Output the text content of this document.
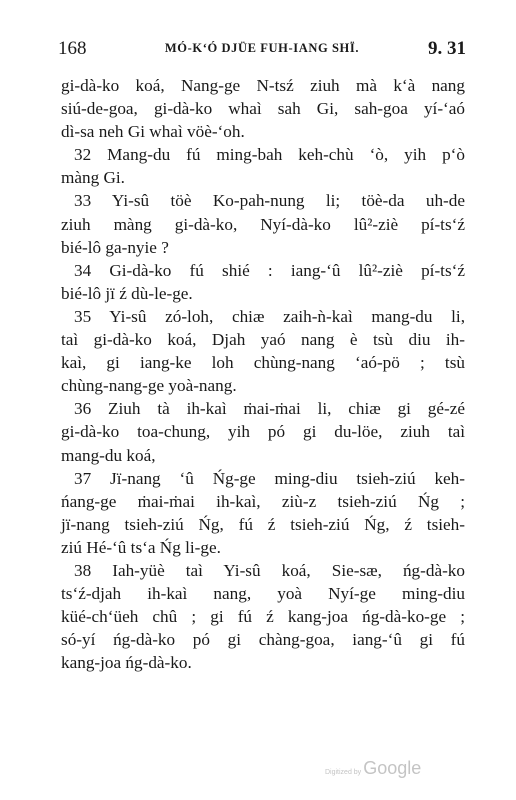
168	MÓ-K‘Ó DJÜE FUH-IANG SHÏ.	9. 31
gi-dà-ko koá, Nang-ge N-tsź ziuh mà k‘à nang
siú-de-goa, gi-dà-ko whaì sah Gi, sah-goa yí-‘aó
dì-sa neh Gi whaì vöè-‘oh.
32 Mang-du fú ming-bah keh-chù ‘ò, yih p‘ò
màng Gi.
33 Yi-sû töè Ko-pah-nung li; töè-da uh-de
ziuh màng gi-dà-ko, Nyí-dà-ko lû²-ziè pí-ts‘ź
bié-lô ga-nyie ?
34 Gi-dà-ko fú shié : iang-‘û lû²-ziè pí-ts‘ź
bié-lô jï ź dù-le-ge.
35 Yi-sû zó-loh, chiæ zaih-ǹ-kaì mang-du li,
taì gi-dà-ko koá, Djah yaó nang è tsù diu ih-
kaì, gi iang-ke loh chùng-nang ‘aó-pö ; tsù
chùng-nang-ge yoà-nang.
36 Ziuh tà ih-kaì ṁai-ṁai li, chiæ gi gé-zé
gi-dà-ko toa-chung, yih pó gi du-löe, ziuh taì
mang-du koá,
37 Jï-nang ‘û Ńg-ge ming-diu tsieh-ziú keh-
ńang-ge ṁai-ṁai ih-kaì, ziù-z tsieh-ziú Ńg ;
jï-nang tsieh-ziú Ńg, fú ź tsieh-ziú Ńg, ź tsieh-
ziú Hé-‘û ts‘a Ńg li-ge.
38 Iah-yüè taì Yi-sû koá, Sie-sæ, ńg-dà-ko
ts‘ź-djah ih-kaì nang, yoà Nyí-ge ming-diu
küé-ch‘üeh chû ; gi fú ź kang-joa ńg-dà-ko-ge ;
só-yí ńg-dà-ko pó gi chàng-goa, iang-‘û gi fú
kang-joa ńg-dà-ko.
Digitized by Google
